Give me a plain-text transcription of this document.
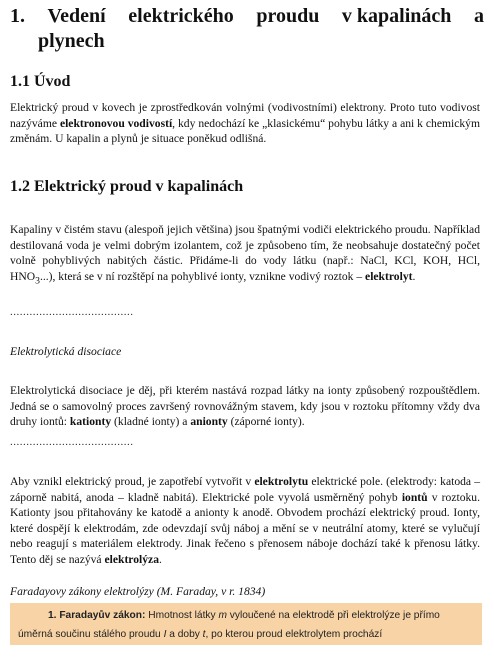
1. Vedení elektrického proudu v kapalinách a
plynech
1.1 Úvod

Elektrický proud v kovech je zprostředkován volnými (vodivostními) elektrony. Proto tuto vodivost nazýváme elektronovou vodivostí, kdy nedochází ke „klasickému“ pohybu látky a ani k chemickým změnám. U kapalin a plynů je situace poněkud odlišná.

1.2 Elektrický proud v kapalinách

Kapaliny v čistém stavu (alespoň jejich většina) jsou špatnými vodiči elektrického proudu. Například destilovaná voda je velmi dobrým izolantem, což je způsobeno tím, že neobsahuje dostatečný počet volně pohyblivých nabitých částic. Přidáme-li do vody látku (např.: NaCl, KCl, KOH, HCl, $HNO_3$...), která se v ní rozštěpí na pohyblivé ionty, vznikne vodivý roztok – elektrolyt.

......................................
Elektrolytická disociace

Elektrolytická disociace je děj, při kterém nastává rozpad látky na ionty způsobený rozpouštědlem. Jedná se o samovolný proces završený rovnovážným stavem, kdy jsou v roztoku přítomny vždy dva druhy iontů: kationty (kladné ionty) a anionty (záporné ionty).

......................................

Aby vznikl elektrický proud, je zapotřebí vytvořit v elektrolytu elektrické pole. (elektrody: katoda – záporně nabitá, anoda – kladně nabitá). Elektrické pole vyvolá usměrněný pohyb iontů v roztoku. Kationty jsou přitahovány ke katodě a anionty k anodě. Obvodem prochází elektrický proud. Ionty, které dospějí k elektrodám, zde odevzdají svůj náboj a mění se v neutrální atomy, které se vylučují nebo reagují s materiálem elektrody. Jinak řečeno s přenosem náboje dochází také k přenosu látky. Tento děj se nazývá elektrolýza.

Faradayovy zákony elektrolýzy (M. Faraday, v r. 1834)
1. Faradayův zákon: Hmotnost látky m vyloučené na elektrodě při elektrolýze je přímo
úměrná součinu stálého proudu I a doby t, po kterou proud elektrolytem prochází
